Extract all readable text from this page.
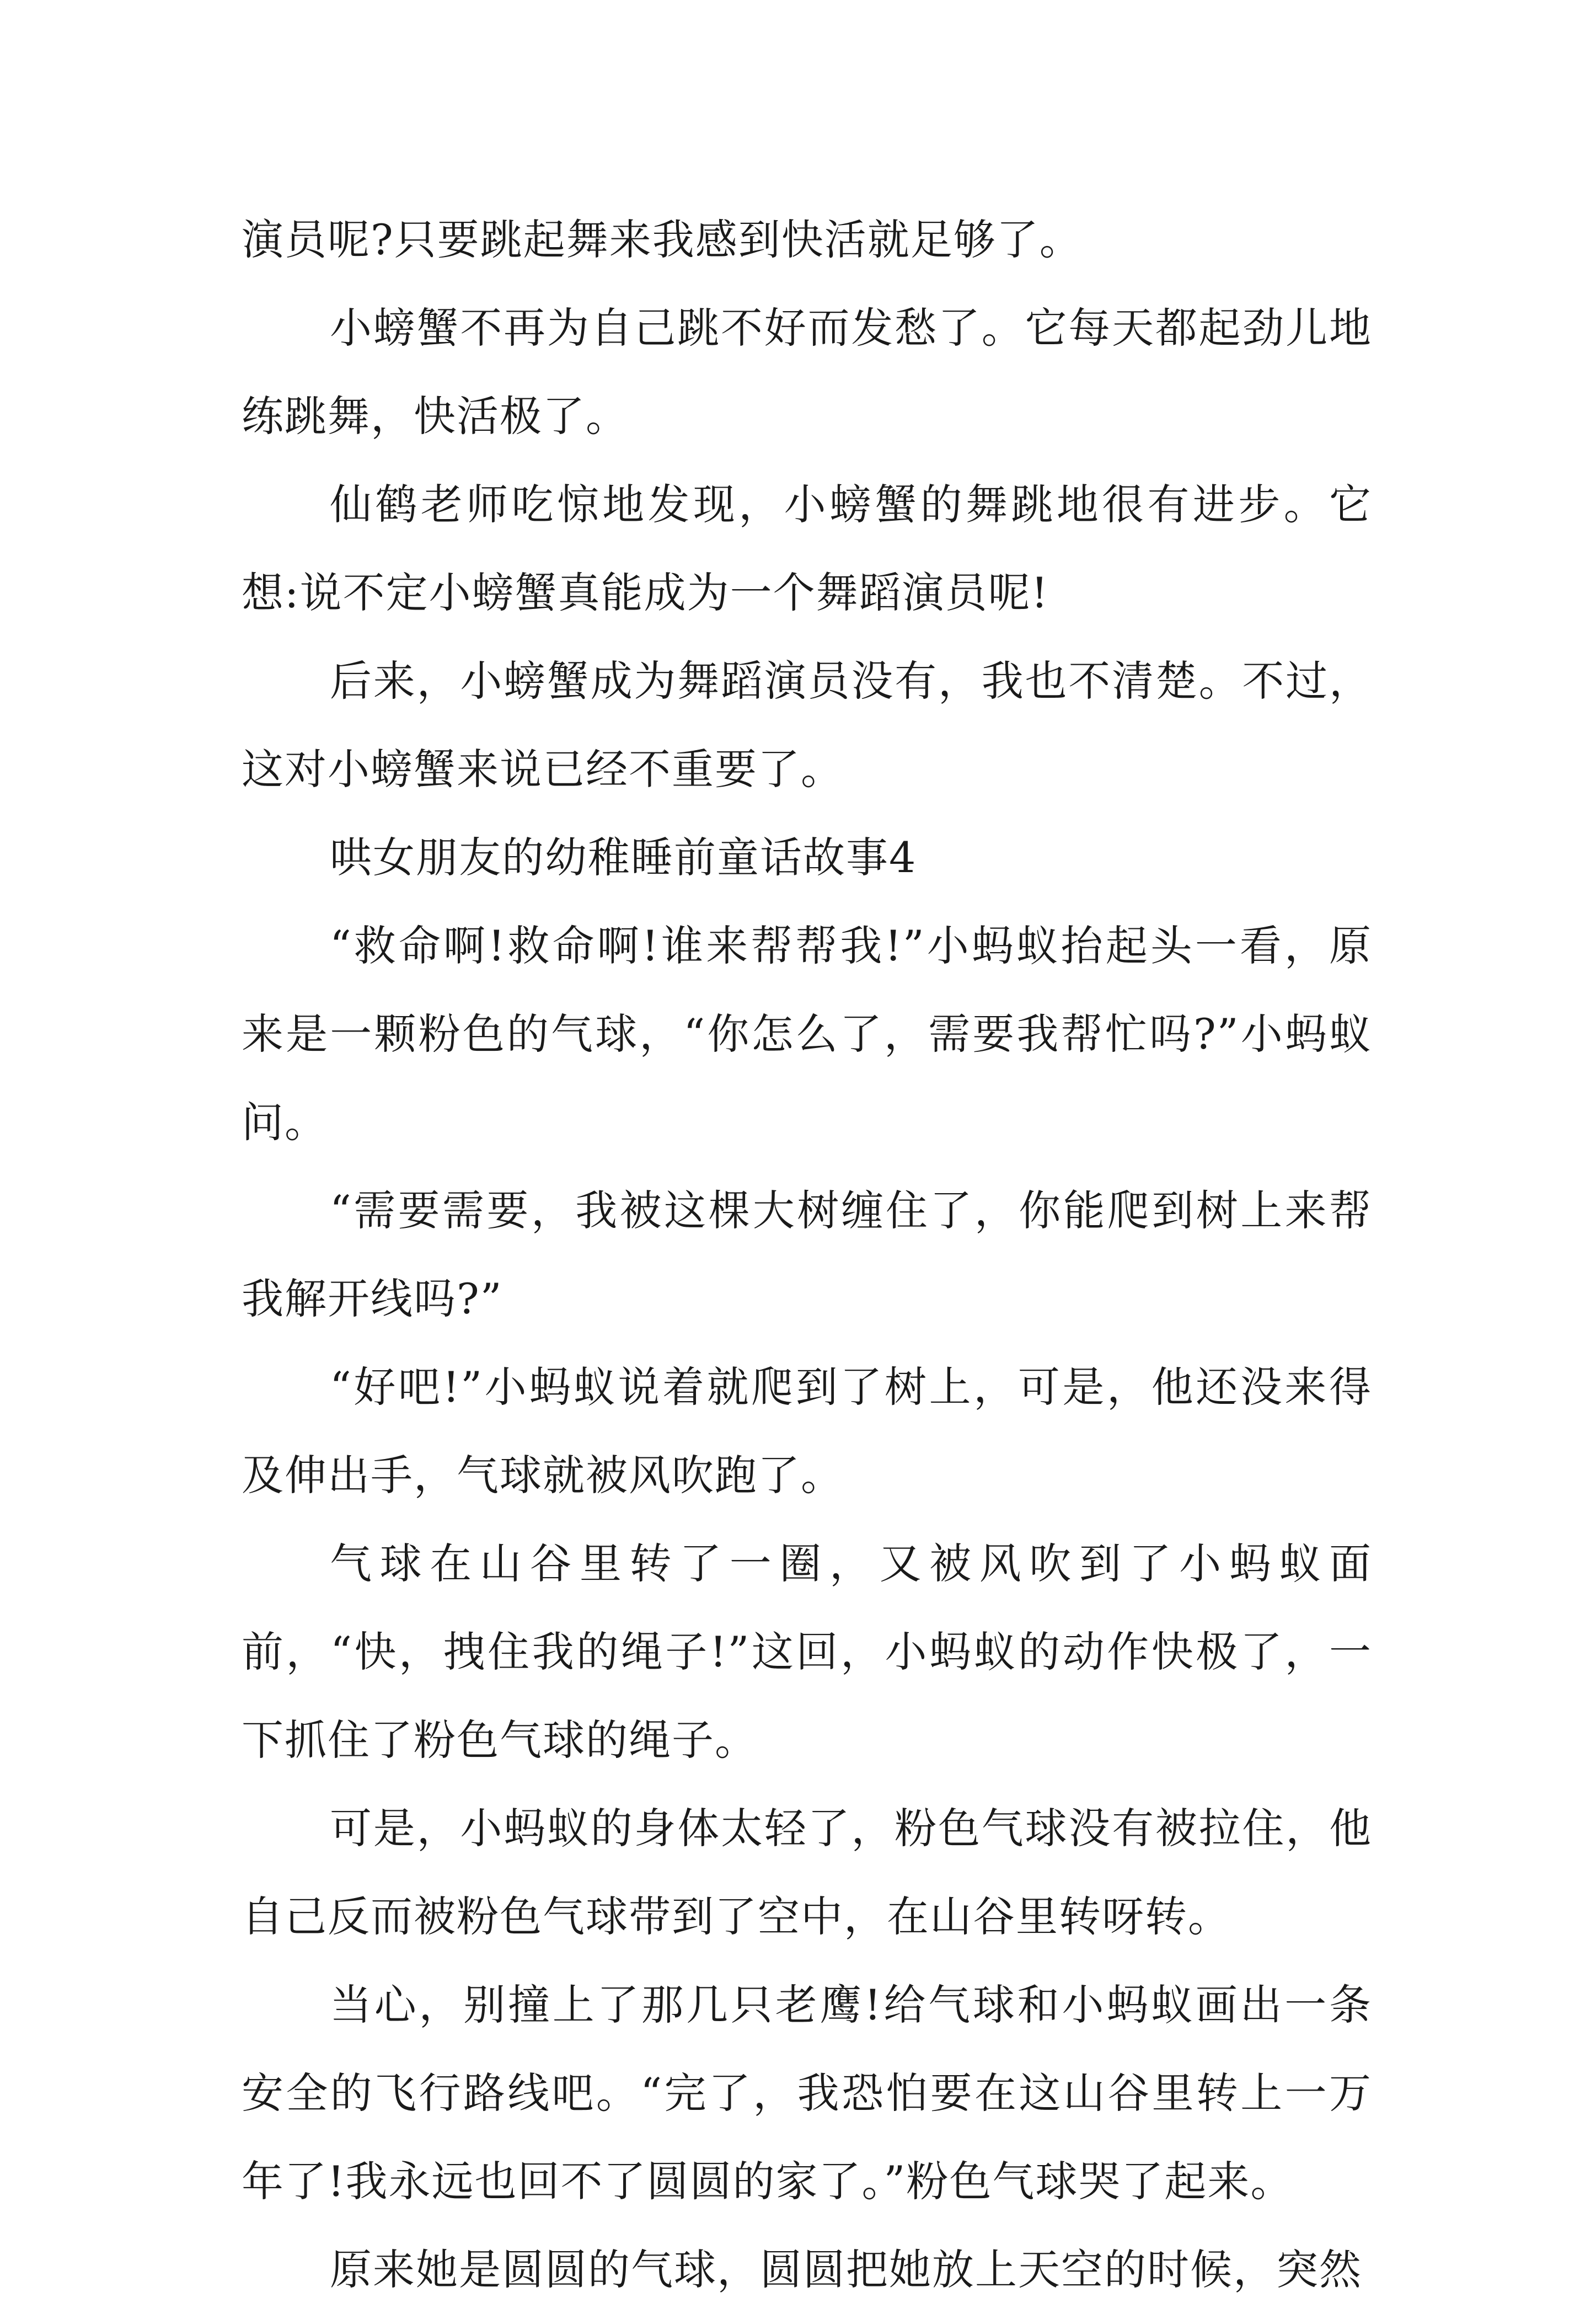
演员呢?只要跳起舞来我感到快活就足够了。

小螃蟹不再为自己跳不好而发愁了。它每天都起劲儿地练跳舞，快活极了。

仙鹤老师吃惊地发现，小螃蟹的舞跳地很有进步。它想:说不定小螃蟹真能成为一个舞蹈演员呢!

后来，小螃蟹成为舞蹈演员没有，我也不清楚。不过，这对小螃蟹来说已经不重要了。

哄女朋友的幼稚睡前童话故事4

“救命啊!救命啊!谁来帮帮我!”小蚂蚁抬起头一看，原来是一颗粉色的气球，“你怎么了，需要我帮忙吗?”小蚂蚁问。

“需要需要，我被这棵大树缠住了，你能爬到树上来帮我解开线吗?”

“好吧!”小蚂蚁说着就爬到了树上，可是，他还没来得及伸出手，气球就被风吹跑了。

气球在山谷里转了一圈，又被风吹到了小蚂蚁面前，“快，拽住我的绳子!”这回，小蚂蚁的动作快极了，一下抓住了粉色气球的绳子。

可是，小蚂蚁的身体太轻了，粉色气球没有被拉住，他自己反而被粉色气球带到了空中，在山谷里转呀转。

当心，别撞上了那几只老鹰!给气球和小蚂蚁画出一条安全的飞行路线吧。“完了，我恐怕要在这山谷里转上一万年了!我永远也回不了圆圆的家了。”粉色气球哭了起来。

原来她是圆圆的气球，圆圆把她放上天空的时候，突然
